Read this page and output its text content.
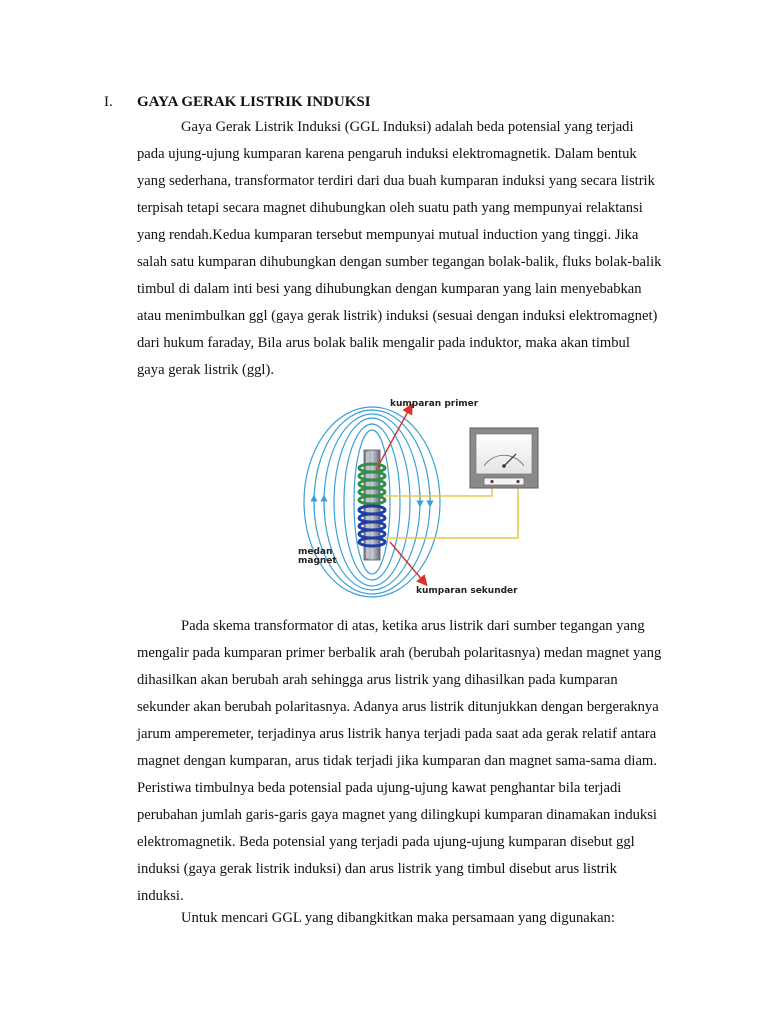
I. GAYA GERAK LISTRIK INDUKSI
Gaya Gerak Listrik Induksi (GGL Induksi) adalah beda potensial yang terjadi
pada ujung-ujung kumparan karena pengaruh induksi elektromagnetik. Dalam bentuk
yang sederhana, transformator terdiri dari dua buah kumparan induksi yang secara listrik
terpisah tetapi secara magnet dihubungkan oleh suatu path yang mempunyai relaktansi
yang rendah.Kedua kumparan tersebut mempunyai mutual induction yang tinggi. Jika
salah satu kumparan dihubungkan dengan sumber tegangan bolak-balik, fluks bolak-balik
timbul di dalam inti besi yang dihubungkan dengan kumparan yang lain menyebabkan
atau menimbulkan ggl (gaya gerak listrik) induksi (sesuai dengan induksi elektromagnet)
dari hukum faraday, Bila arus bolak balik mengalir pada induktor, maka akan timbul
gaya gerak listrik (ggl).
kumparan primer
medan
magnet
kumparan sekunder
Pada skema transformator di atas, ketika arus listrik dari sumber tegangan yang
mengalir pada kumparan primer berbalik arah (berubah polaritasnya) medan magnet yang
dihasilkan akan berubah arah sehingga arus listrik yang dihasilkan pada kumparan
sekunder akan berubah polaritasnya. Adanya arus listrik ditunjukkan dengan bergeraknya
jarum amperemeter, terjadinya arus listrik hanya terjadi pada saat ada gerak relatif antara
magnet dengan kumparan, arus tidak terjadi jika kumparan dan magnet sama-sama diam.
Peristiwa timbulnya beda potensial pada ujung-ujung kawat penghantar bila terjadi
perubahan jumlah garis-garis gaya magnet yang dilingkupi kumparan dinamakan induksi
elektromagnetik. Beda potensial yang terjadi pada ujung-ujung kumparan disebut ggl
induksi (gaya gerak listrik induksi) dan arus listrik yang timbul disebut arus listrik
induksi.
Untuk mencari GGL yang dibangkitkan maka persamaan yang digunakan:
